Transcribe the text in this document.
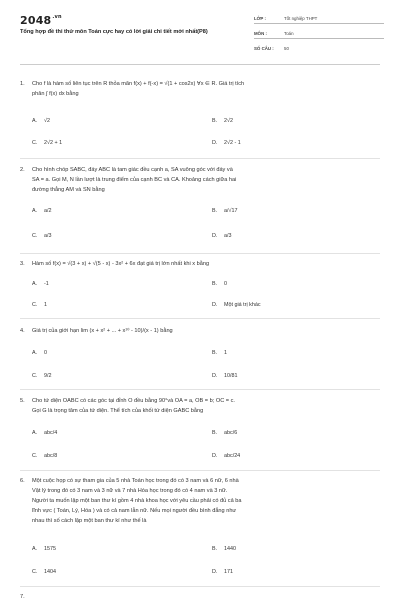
$2048^{.vn}$
Tổng hợp đề thi thử môn Toán cực hay có lời giải chi tiết mới nhất(P8)
LỚP :	Tốt nghiệp THPT
MÔN :	Toán
SỐ CÂU : 50
1. Cho f là hàm số liên tục trên R thỏa mãn f(x) + f(-x) = √(1 + cos2x) ∀x ∈ R. Giá trị tích
phân ∫ f(x) dx bằng
A. √2	B. 2√2
C. 2√2 + 1	D. 2√2 - 1
2. Cho hình chóp SABC, đáy ABC là tam giác đều cạnh a, SA vuông góc với đáy và
SA = a. Gọi M, N lần lượt là trung điểm của cạnh BC và CA. Khoảng cách giữa hai
đường thẳng AM và SN bằng
A. a/2	B. a/√17
C. a/3	D. a/3
3. Hàm số f(x) = √(3 + x) + √(5 - x) - 3x² + 6x đạt giá trị lớn nhất khi x bằng
A. -1	B. 0
C. 1	D. Một giá trị khác
4. Giá trị của giới hạn lim (x + x² + ... + x¹⁰ - 10)/(x - 1) bằng
A. 0	B. 1
C. 9/2	D. 10/81
5. Cho tứ diện OABC có các góc tại đỉnh O đều bằng 90°và OA = a, OB = b; OC = c.
Gọi G là trọng tâm của tứ diện. Thể tích của khối tứ diện GABC bằng
A. abc/4	B. abc/6
C. abc/8	D. abc/24
6. Một cuộc họp có sự tham gia của 5 nhà Toán học trong đó có 3 nam và 6 nữ, 6 nhà
Vật lý trong đó có 3 nam và 3 nữ và 7 nhà Hóa học trong đó có 4 nam và 3 nữ.
Người ta muốn lập một ban thư kí gồm 4 nhà khoa học với yêu cầu phải có đủ cả ba
lĩnh vực ( Toán, Lý, Hóa ) và có cả nam lẫn nữ. Nếu mọi người đều bình đẳng như
nhau thì số cách lập một ban thư kí như thế là
A. 1575	B. 1440
C. 1404	D. 171
7.
